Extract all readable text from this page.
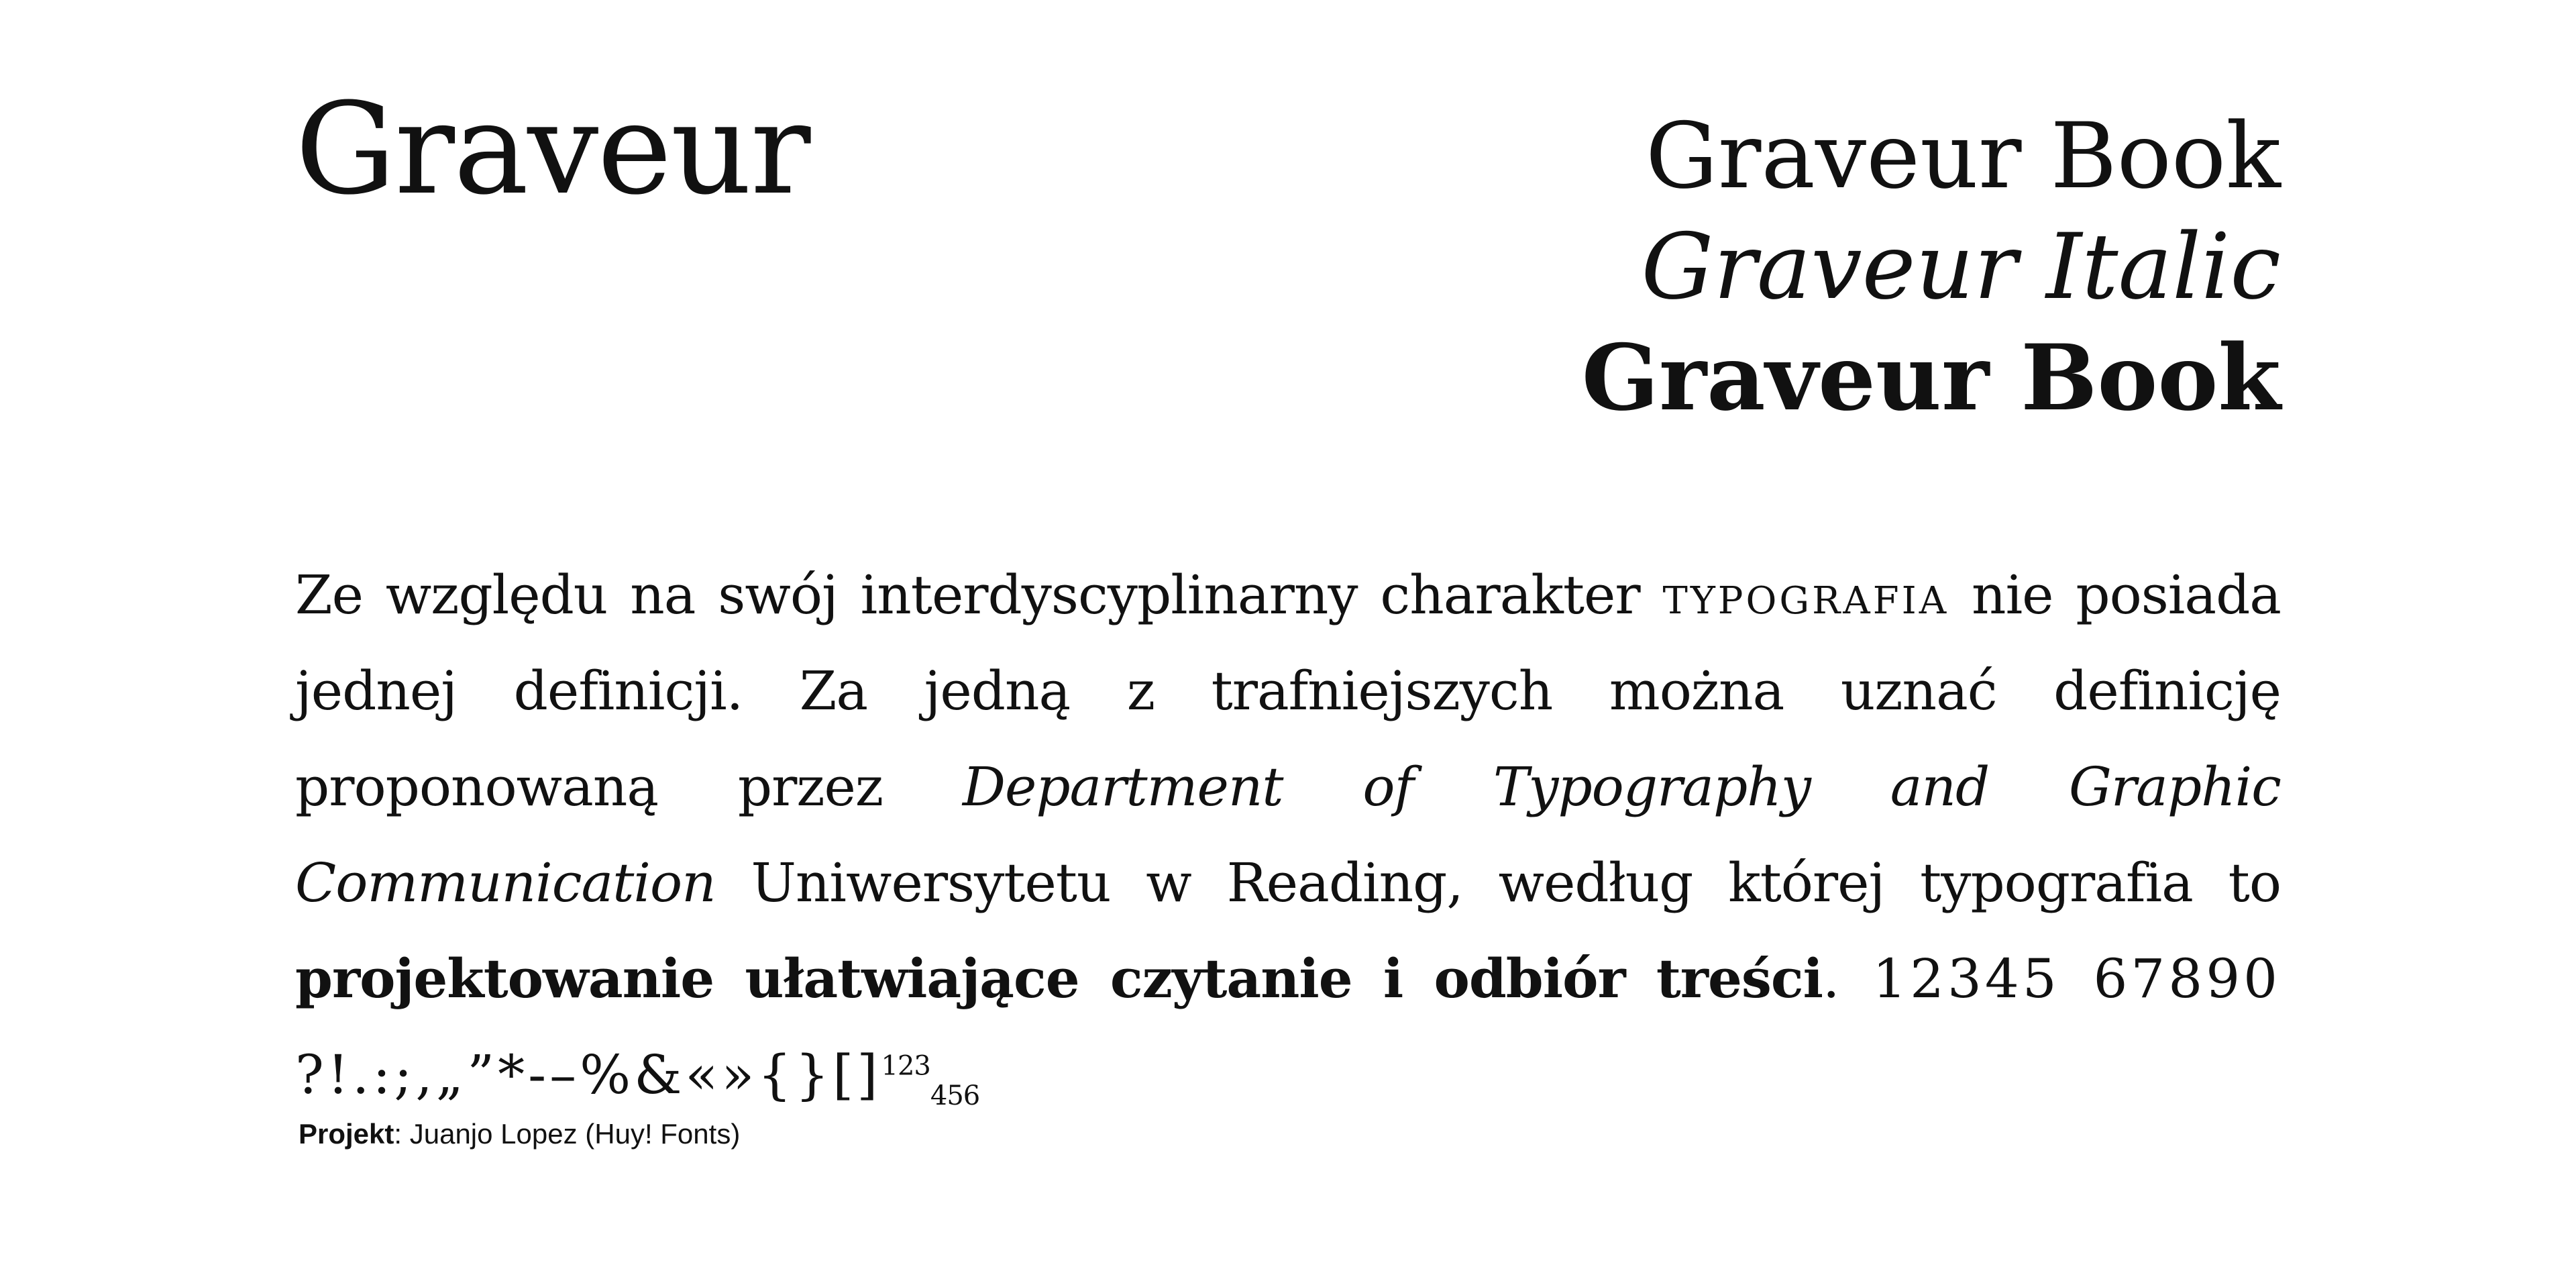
Graveur	Graveur Book
Graveur Italic
Graveur Book

Ze względu na swój interdyscyplinarny charakter typografia nie posiada jednej definicji. Za jedną z trafniejszych można uznać definicję proponowaną przez Department of Typography and Graphic Communication Uniwersytetu w Reading, według której typografia to projektowanie ułatwiające czytanie i odbiór treści. 12345 67890 ?!.:;,„”*-–%&«»{}[]$^{123}_{456}$

Projekt: Juanjo Lopez (Huy! Fonts)
